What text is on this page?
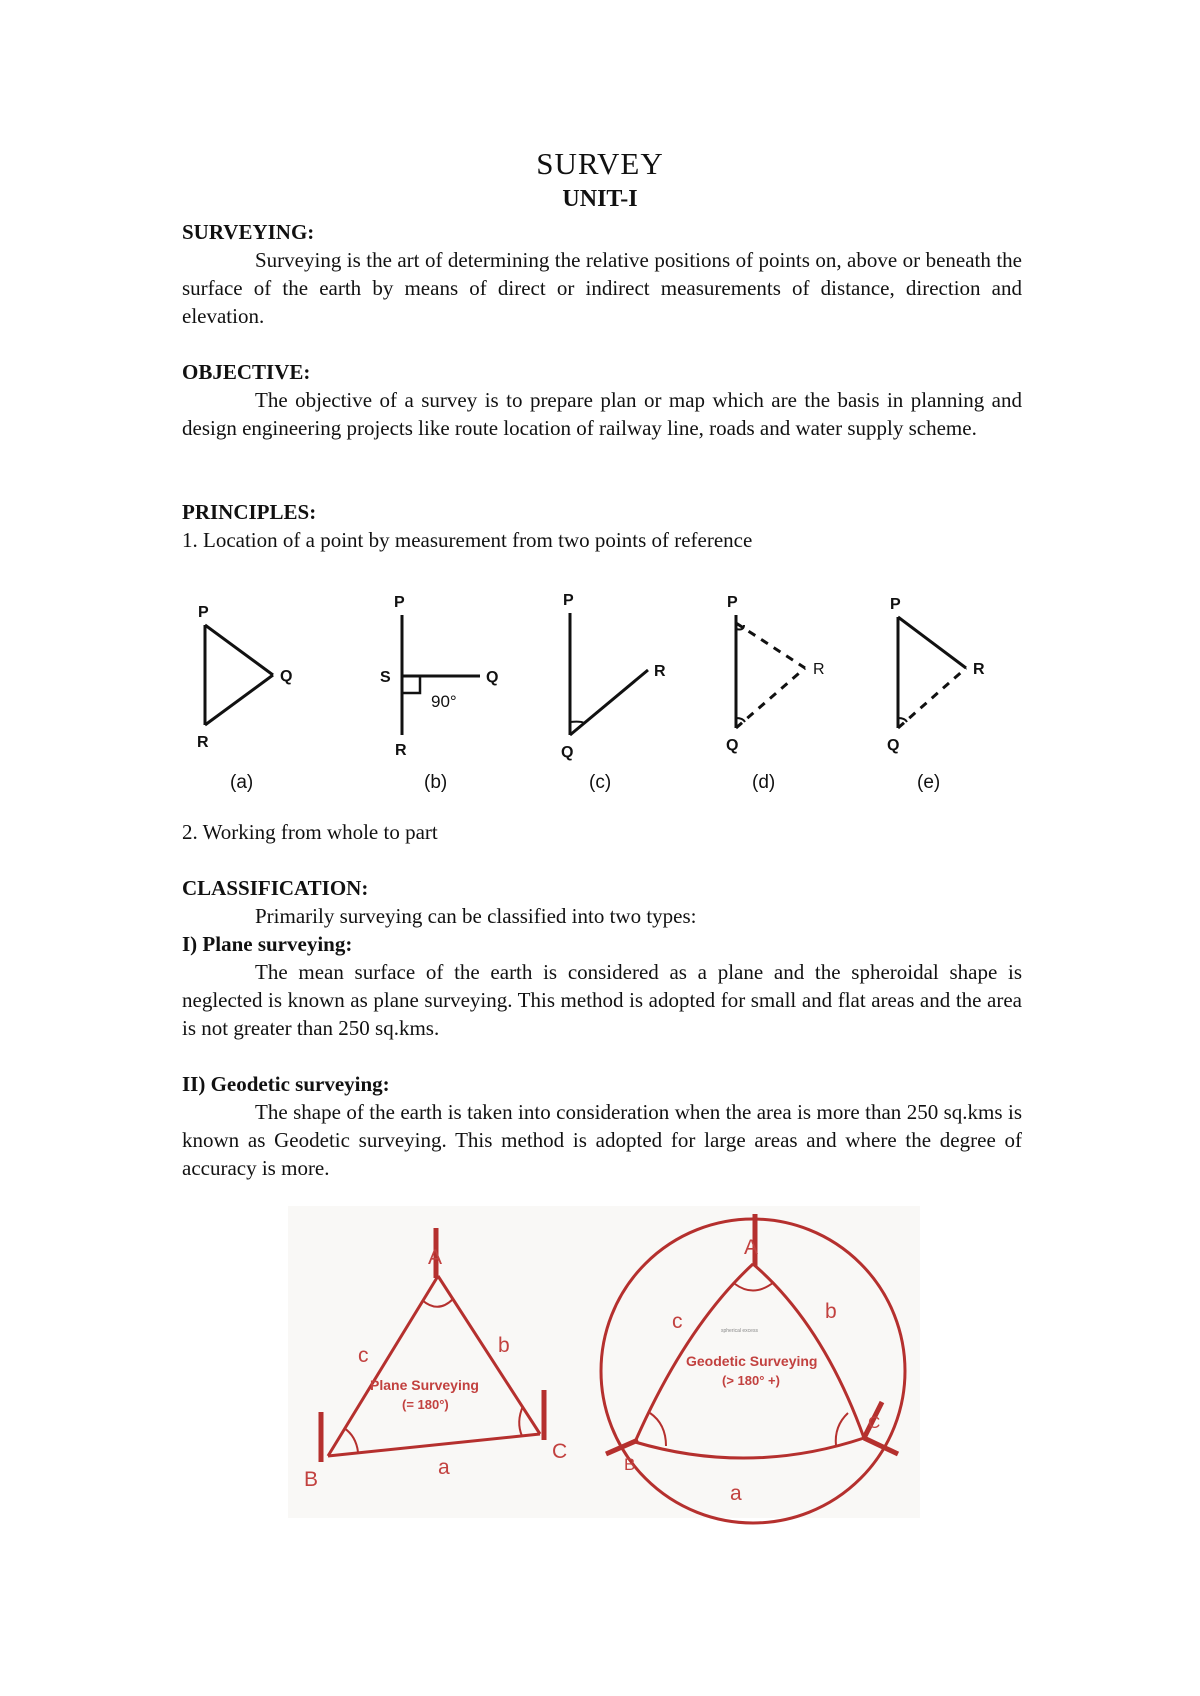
SURVEY
UNIT-I
SURVEYING:

Surveying is the art of determining the relative positions of points on, above or beneath the surface of the earth by means of direct or indirect measurements of distance, direction and elevation.

OBJECTIVE:

The objective of a survey is to prepare plan or map which are the basis in planning and design engineering projects like route location of railway line, roads and water supply scheme.

PRINCIPLES:

1. Location of a point by measurement from two points of reference

P
Q
R
(a)
P
S	Q
R
90°
(b)
P
R
Q
(c)
P
R
Q
(d)
P
R
Q
(e)

2. Working from whole to part

CLASSIFICATION:

Primarily surveying can be classified into two types:

I) Plane surveying:

The mean surface of the earth is considered as a plane and the spheroidal shape is neglected is known as plane surveying. This method is adopted for small and flat areas and the area is not greater than 250 sq.kms.

II) Geodetic surveying:

The shape of the earth is taken into consideration when the area is more than 250 sq.kms is known as Geodetic surveying. This method is adopted for large areas and where the degree of accuracy is more.

A
c	b
B
C
a
Plane Surveying
(= 180°)
A
c	b
B
C
a
Geodetic Surveying
(> 180° +)
spherical excess
